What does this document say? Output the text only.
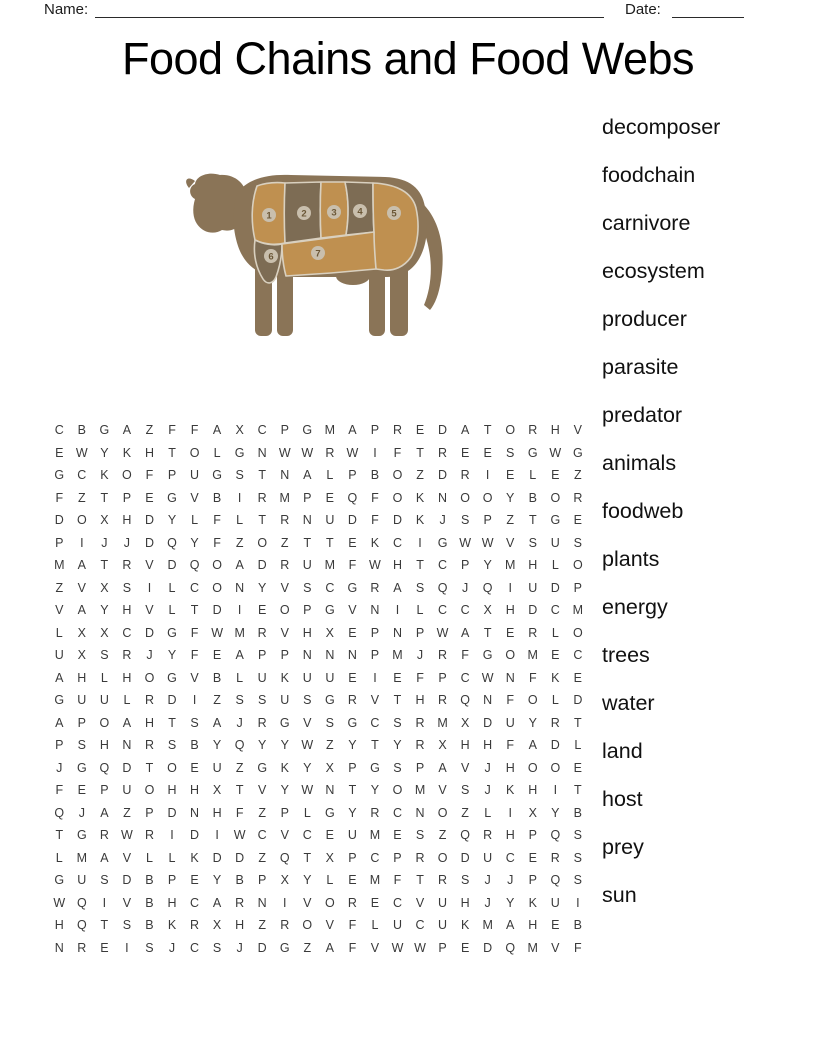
Name:	Date:
Food Chains and Food Webs
1	2	3 4	5
6	7
C	B	G	A	Z	F	F	A	X	C	P	G M	A	P	R	E	D	A	T	O	R	H	V
E W Y	K	H	T	O	L	G	N W W R W	I	F	T	R	E	E	S	G W G
G	C	K	O	F	P	U	G	S	T	N	A	L	P	B	O	Z	D	R	I	E	L	E	Z
F	Z	T	P	E	G	V	B	I	R	M	P	E	Q	F	O	K	N	O	O	Y	B	O	R
D	O	X	H	D	Y	L	F	L	T	R	N	U	D	F	D	K	J	S	P	Z	T	G	E
P	I	J	J	D	Q	Y	F	Z	O	Z	T	T	E	K	C	I	G W W V	S	U	S
M	A	T	R	V	D	Q	O	A	D	R	U	M	F	W H	T	C	P	Y	M	H	L	O
Z	V	X	S	I	L	C	O	N	Y	V	S	C	G	R	A	S	Q	J	Q	I	U	D	P
V	A	Y	H	V	L	T	D	I	E	O	P	G	V	N	I	L	C	C	X	H	D	C	M
L	X	X	C	D	G	F	W M	R	V	H	X	E	P	N	P W A	T	E	R	L	O
U	X	S	R	J	Y	F	E	A	P	P	N	N	N	P	M	J	R	F	G	O M	E	C
A	H	L	H	O	G	V	B	L	U	K	U	U	E	I	E	F	P	C W N	F	K	E
G	U	U	L	R	D	I	Z	S	S	U	S	G	R	V	T	H	R	Q	N	F	O	L	D
A	P	O	A	H	T	S	A	J	R	G	V	S	G	C	S	R	M	X	D	U	Y	R	T
P	S	H	N	R	S	B	Y	Q	Y	Y W	Z	Y	T	Y	R	X	H	H	F	A	D	L
J	G	Q	D	T	O	E	U	Z	G	K	Y	X	P	G	S	P	A	V	J	H	O	O	E
F	E	P	U	O	H	H	X	T	V	Y W N	T	Y	O M	V	S	J	K	H	I	T
Q	J	A	Z	P	D	N	H	F	Z	P	L	G	Y	R	C	N	O	Z	L	I	X	Y	B
T	G	R W R	I	D	I	W C	V	C	E	U	M	E	S	Z	Q	R	H	P	Q	S
L	M	A	V	L	L	K	D	D	Z	Q	T	X	P	C	P	R	O	D	U	C	E	R	S
G	U	S	D	B	P	E	Y	B	P	X	Y	L	E	M	F	T	R	S	J	J	P	Q	S
W Q	I	V	B	H	C	A	R	N	I	V	O	R	E	C	V	U	H	J	Y	K	U	I
H	Q	T	S	B	K	R	X	H	Z	R	O	V	F	L	U	C	U	K	M	A	H	E	B
N	R	E	I	S	J	C	S	J	D	G	Z	A	F	V W W P	E	D	Q M	V	F
decomposer
foodchain
carnivore
ecosystem
producer
parasite
predator
animals
foodweb
plants
energy
trees
water
land
host
prey
sun
